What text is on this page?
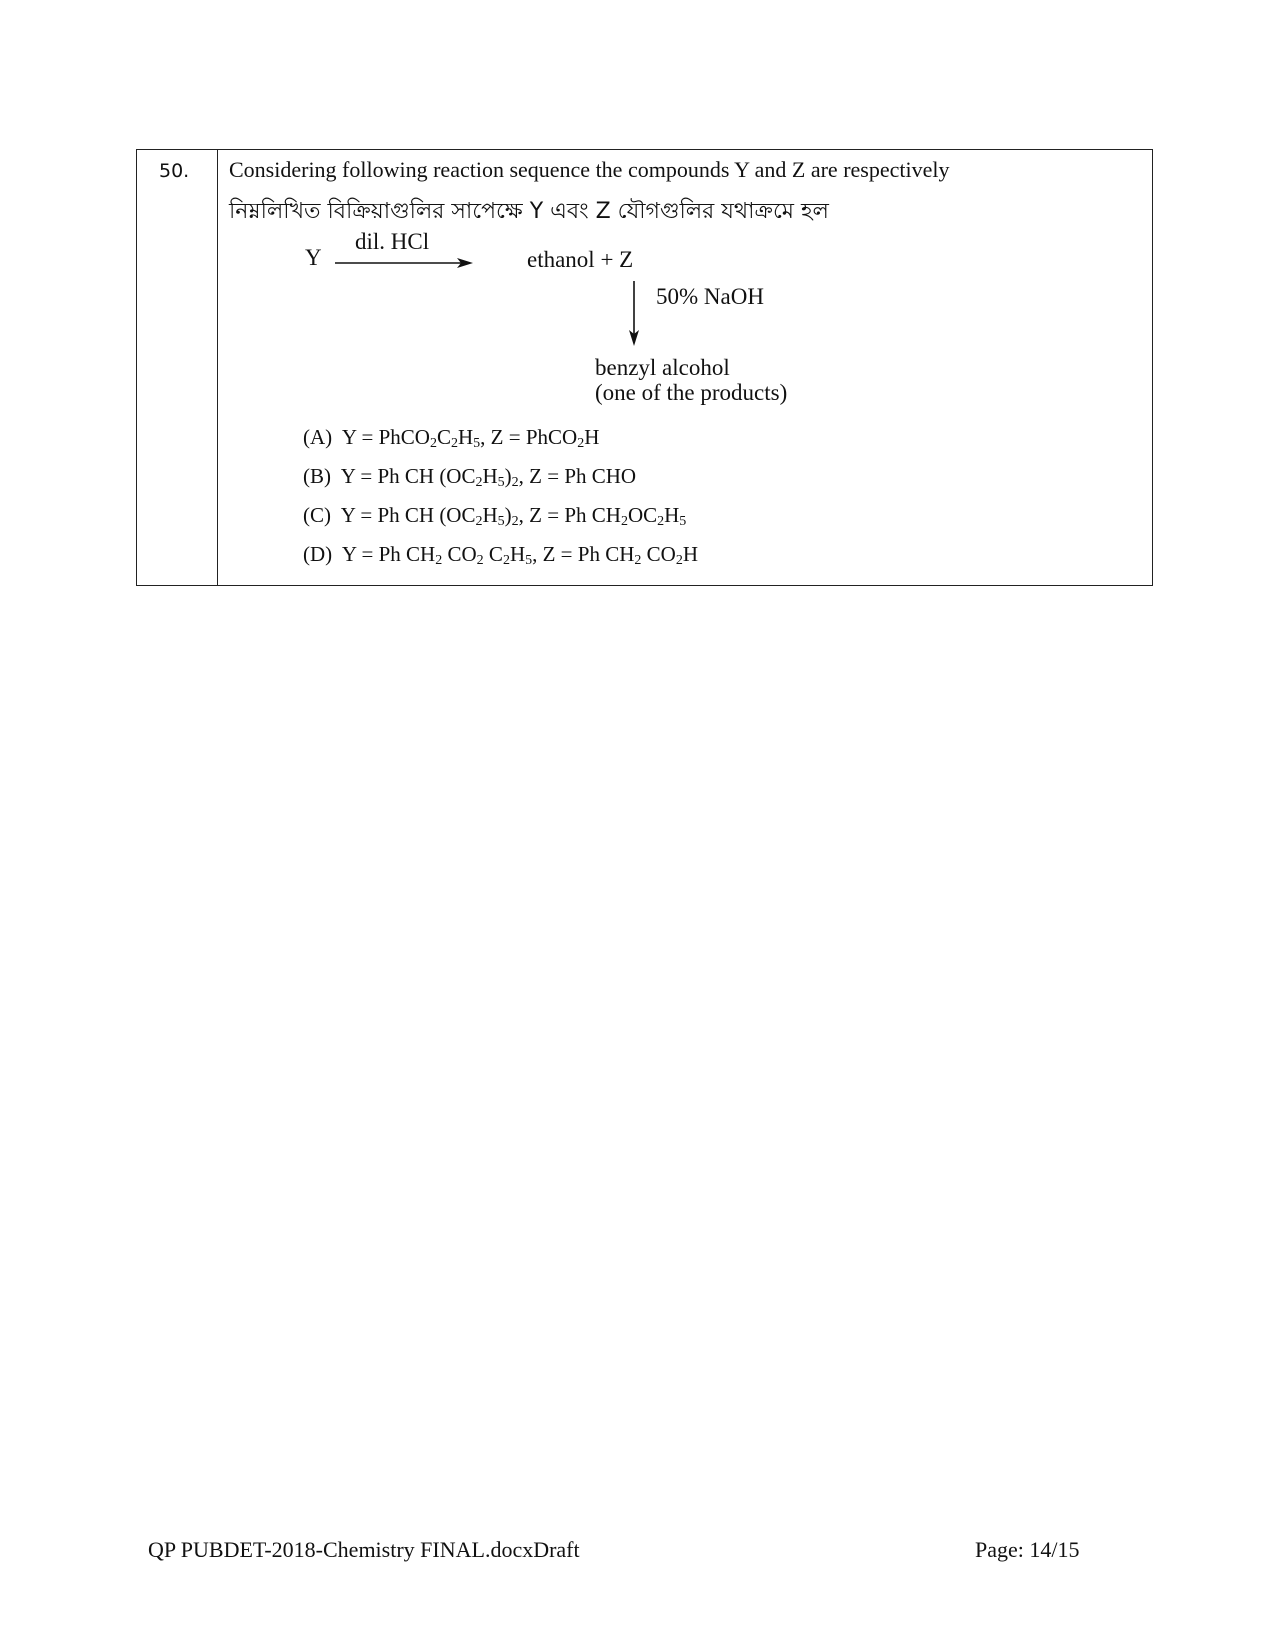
50. Considering following reaction sequence the compounds Y and Z are respectively
নিম্নলিখিত বিক্রিয়াগুলির সাপেক্ষে Y এবং Z যৌগগুলির যথাক্রমে হল
Y
dil. HCl
ethanol + Z
50% NaOH
benzyl alcohol
(one of the products)
(A) $Y = PhCO_2C_2H_5$, Z = PhCO$_2$H
(B) Y = Ph CH $(OC_2H_5)_2$, Z = Ph CHO
(C) Y = Ph CH $(OC_2H_5)_2$, Z = Ph $CH_2OC_2H_5$
(D) Y = Ph $CH_2$ $CO_2$ $C_2H_5$, Z = Ph $CH_2$ $CO_2H$
QP PUBDET-2018-Chemistry FINAL.docxDraft	Page: 14/15
